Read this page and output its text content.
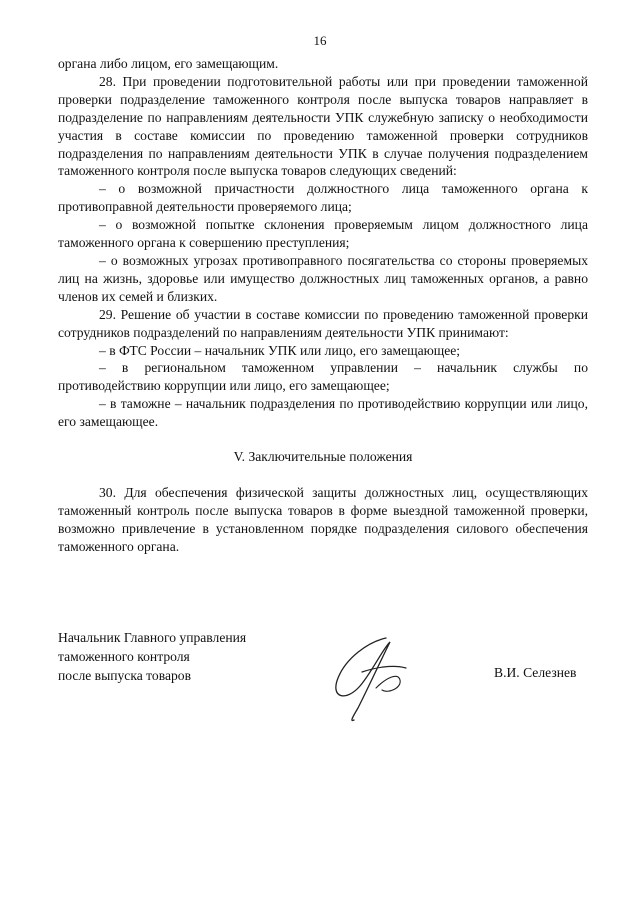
16

органа либо лицом, его замещающим.

28. При проведении подготовительной работы или при проведении таможенной проверки подразделение таможенного контроля после выпуска товаров направляет в подразделение по направлениям деятельности УПК служебную записку о необходимости участия в составе комиссии по проведению таможенной проверки сотрудников подразделения по направлениям деятельности УПК в случае получения подразделением таможенного контроля после выпуска товаров следующих сведений:

– о возможной причастности должностного лица таможенного органа к противоправной деятельности проверяемого лица;

– о возможной попытке склонения проверяемым лицом должностного лица таможенного органа к совершению преступления;

– о возможных угрозах противоправного посягательства со стороны проверяемых лиц на жизнь, здоровье или имущество должностных лиц таможенных органов, а равно членов их семей и близких.

29. Решение об участии в составе комиссии по проведению таможенной проверки сотрудников подразделений по направлениям деятельности УПК принимают:

– в ФТС России – начальник УПК или лицо, его замещающее;

– в региональном таможенном управлении – начальник службы по противодействию коррупции или лицо, его замещающее;

– в таможне – начальник подразделения по противодействию коррупции или лицо, его замещающее.

V. Заключительные положения

30. Для обеспечения физической защиты должностных лиц, осуществляющих таможенный контроль после выпуска товаров в форме выездной таможенной проверки, возможно привлечение в установленном порядке подразделения силового обеспечения таможенного органа.

Начальник Главного управления
таможенного контроля
после выпуска товаров	В.И. Селезнев
